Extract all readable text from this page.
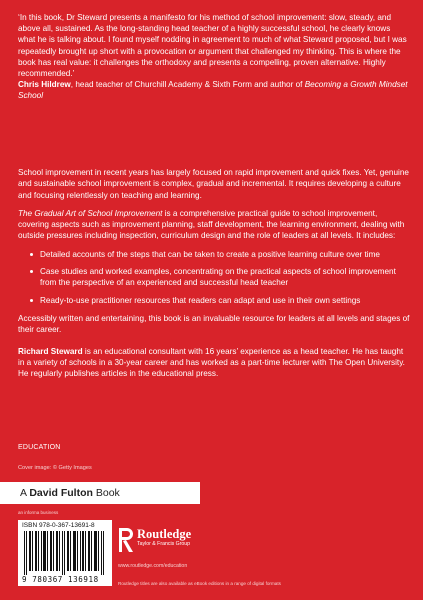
‘In this book, Dr Steward presents a manifesto for his method of school improvement: slow, steady, and above all, sustained. As the long-standing head teacher of a highly successful school, he clearly knows what he is talking about. I found myself nodding in agreement to much of what Steward proposed, but I was repeatedly brought up short with a provocation or argument that challenged my thinking. This is where the book has real value: it challenges the orthodoxy and presents a compelling, proven alternative. Highly recommended.’
Chris Hildrew, head teacher of Churchill Academy & Sixth Form and author of Becoming a Growth Mindset School

School improvement in recent years has largely focused on rapid improvement and quick fixes. Yet, genuine and sustainable school improvement is complex, gradual and incremental. It requires developing a culture and focusing relentlessly on teaching and learning.

The Gradual Art of School Improvement is a comprehensive practical guide to school improvement, covering aspects such as improvement planning, staff development, the learning environment, dealing with outside pressures including inspection, curriculum design and the role of leaders at all levels. It includes:

Detailed accounts of the steps that can be taken to create a positive learning culture over time
Case studies and worked examples, concentrating on the practical aspects of school improvement from the perspective of an experienced and successful head teacher
Ready-to-use practitioner resources that readers can adapt and use in their own settings

Accessibly written and entertaining, this book is an invaluable resource for leaders at all levels and stages of their career.

Richard Steward is an educational consultant with 16 years’ experience as a head teacher. He has taught in a variety of schools in a 30-year career and has worked as a part-time lecturer with The Open University. He regularly publishes articles in the educational press.

EDUCATION
Cover image: © Getty Images
A David Fulton Book
an informa business
ISBN 978-0-367-13691-8
9 780367 136918
Routledge
Taylor & Francis Group
www.routledge.com/education
Routledge titles are also available as eBook editions in a range of digital formats
